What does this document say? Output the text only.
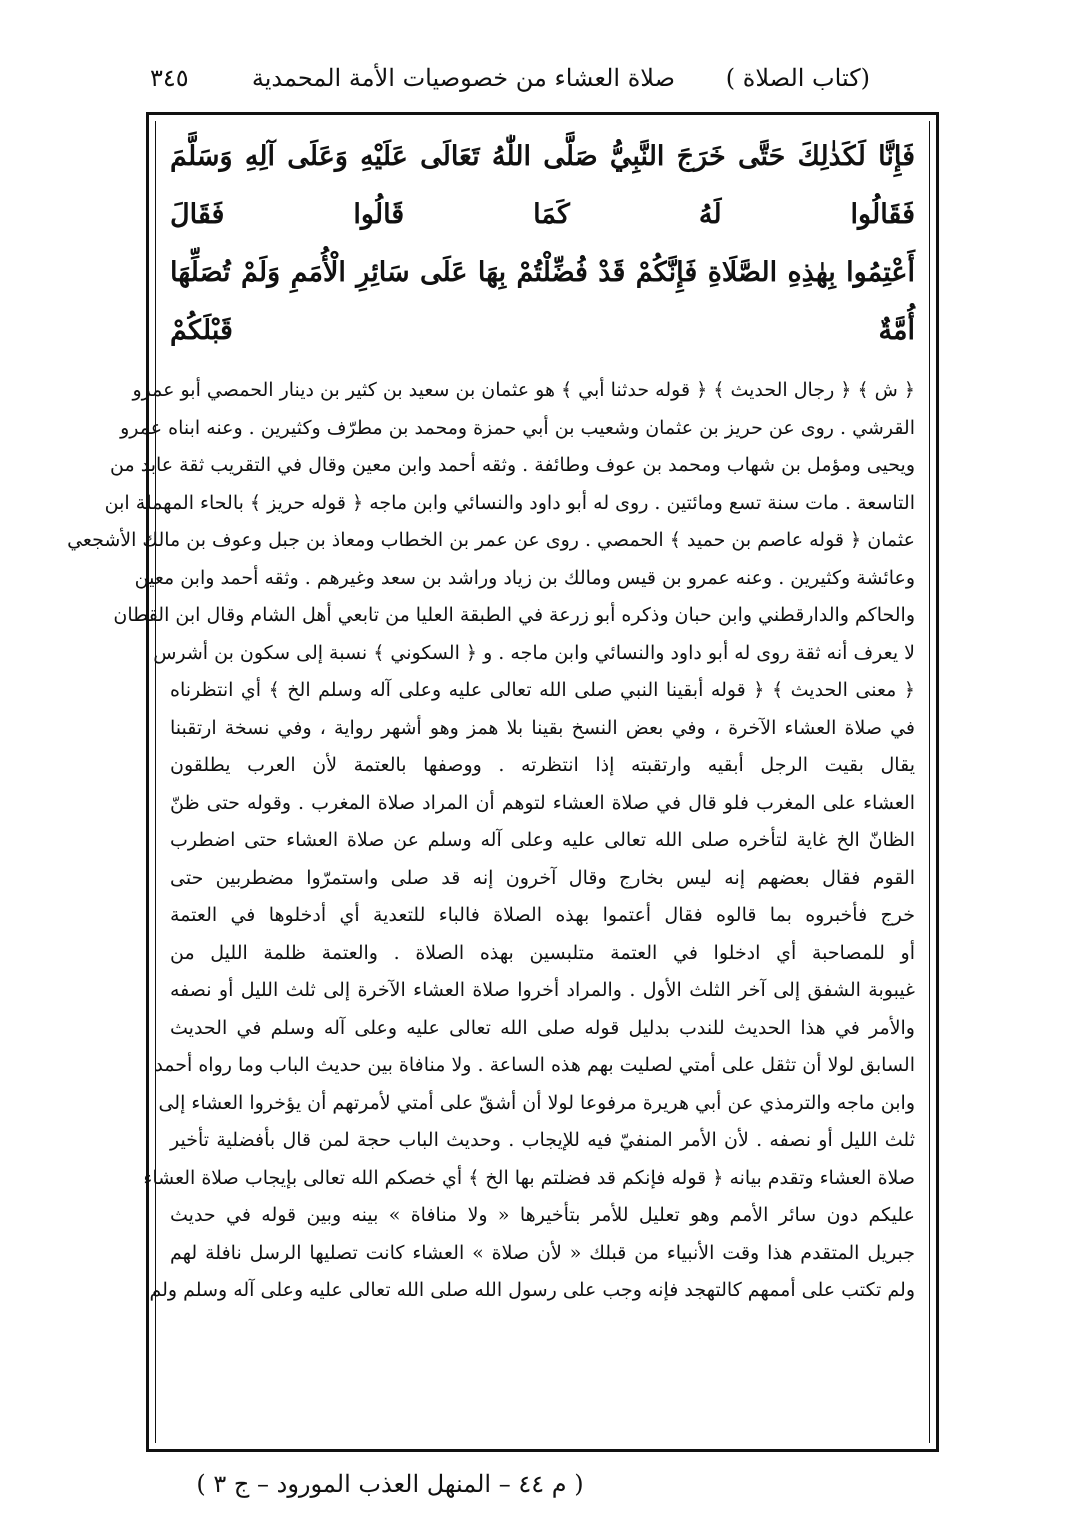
(كتاب الصلاة )
صلاة العشاء من خصوصيات الأمة المحمدية
٣٤٥

فَإِنَّا لَكَذٰلِكَ حَتَّى خَرَجَ النَّبِيُّ صَلَّى اللّٰهُ تَعَالَى عَلَيْهِ وَعَلَى آلِهِ وَسَلَّمَ فَقَالُوا لَهُ كَمَا قَالُوا فَقَالَ

أَعْتِمُوا بِهٰذِهِ الصَّلَاةِ فَإِنَّكُمْ قَدْ فُضِّلْتُمْ بِهَا عَلَى سَائِرِ الْأُمَمِ وَلَمْ تُصَلِّهَا أُمَّةٌ قَبْلَكُمْ

﴿ ش ﴾ ﴿ رجال الحديث ﴾ ﴿ قوله حدثنا أبي ﴾ هو عثمان بن سعيد بن كثير بن دينار الحمصي أبو عمرو

القرشي . روى عن حريز بن عثمان وشعيب بن أبي حمزة ومحمد بن مطرّف وكثيرين . وعنه ابناه عمرو

ويحيى ومؤمل بن شهاب ومحمد بن عوف وطائفة . وثقه أحمد وابن معين وقال في التقريب ثقة عابد من

التاسعة . مات سنة تسع ومائتين . روى له أبو داود والنسائي وابن ماجه ﴿ قوله حريز ﴾ بالحاء المهملة ابن

عثمان ﴿ قوله عاصم بن حميد ﴾ الحمصي . روى عن عمر بن الخطاب ومعاذ بن جبل وعوف بن مالك الأشجعي

وعائشة وكثيرين . وعنه عمرو بن قيس ومالك بن زياد وراشد بن سعد وغيرهم . وثقه أحمد وابن معين

والحاكم والدارقطني وابن حبان وذكره أبو زرعة في الطبقة العليا من تابعي أهل الشام وقال ابن القطان

لا يعرف أنه ثقة روى له أبو داود والنسائي وابن ماجه . و ﴿ السكوني ﴾ نسبة إلى سكون بن أشرس

﴿ معنى الحديث ﴾ ﴿ قوله أبقينا النبي صلى الله تعالى عليه وعلى آله وسلم الخ ﴾ أي انتظرناه

في صلاة العشاء الآخرة ، وفي بعض النسخ بقينا بلا همز وهو أشهر رواية ، وفي نسخة ارتقبنا

يقال بقيت الرجل أبقيه وارتقبته إذا انتظرته . ووصفها بالعتمة لأن العرب يطلقون

العشاء على المغرب فلو قال في صلاة العشاء لتوهم أن المراد صلاة المغرب . وقوله حتى ظنّ

الظانّ الخ غاية لتأخره صلى الله تعالى عليه وعلى آله وسلم عن صلاة العشاء حتى اضطرب

القوم فقال بعضهم إنه ليس بخارج وقال آخرون إنه قد صلى واستمرّوا مضطربين حتى

خرج فأخبروه بما قالوه فقال أعتموا بهذه الصلاة فالباء للتعدية أي أدخلوها في العتمة

أو للمصاحبة أي ادخلوا في العتمة متلبسين بهذه الصلاة . والعتمة ظلمة الليل من

غيبوبة الشفق إلى آخر الثلث الأول . والمراد أخروا صلاة العشاء الآخرة إلى ثلث الليل أو نصفه

والأمر في هذا الحديث للندب بدليل قوله صلى الله تعالى عليه وعلى آله وسلم في الحديث

السابق لولا أن تثقل على أمتي لصليت بهم هذه الساعة . ولا منافاة بين حديث الباب وما رواه أحمد

وابن ماجه والترمذي عن أبي هريرة مرفوعا لولا أن أشقّ على أمتي لأمرتهم أن يؤخروا العشاء إلى

ثلث الليل أو نصفه . لأن الأمر المنفيّ فيه للإيجاب . وحديث الباب حجة لمن قال بأفضلية تأخير

صلاة العشاء وتقدم بيانه ﴿ قوله فإنكم قد فضلتم بها الخ ﴾ أي خصكم الله تعالى بإيجاب صلاة العشاء

عليكم دون سائر الأمم وهو تعليل للأمر بتأخيرها « ولا منافاة » بينه وبين قوله في حديث

جبريل المتقدم هذا وقت الأنبياء من قبلك « لأن صلاة » العشاء كانت تصليها الرسل نافلة لهم

ولم تكتب على أممهم كالتهجد فإنه وجب على رسول الله صلى الله تعالى عليه وعلى آله وسلم ولم

( م ٤٤ – المنهل العذب المورود – ج ٣ )
